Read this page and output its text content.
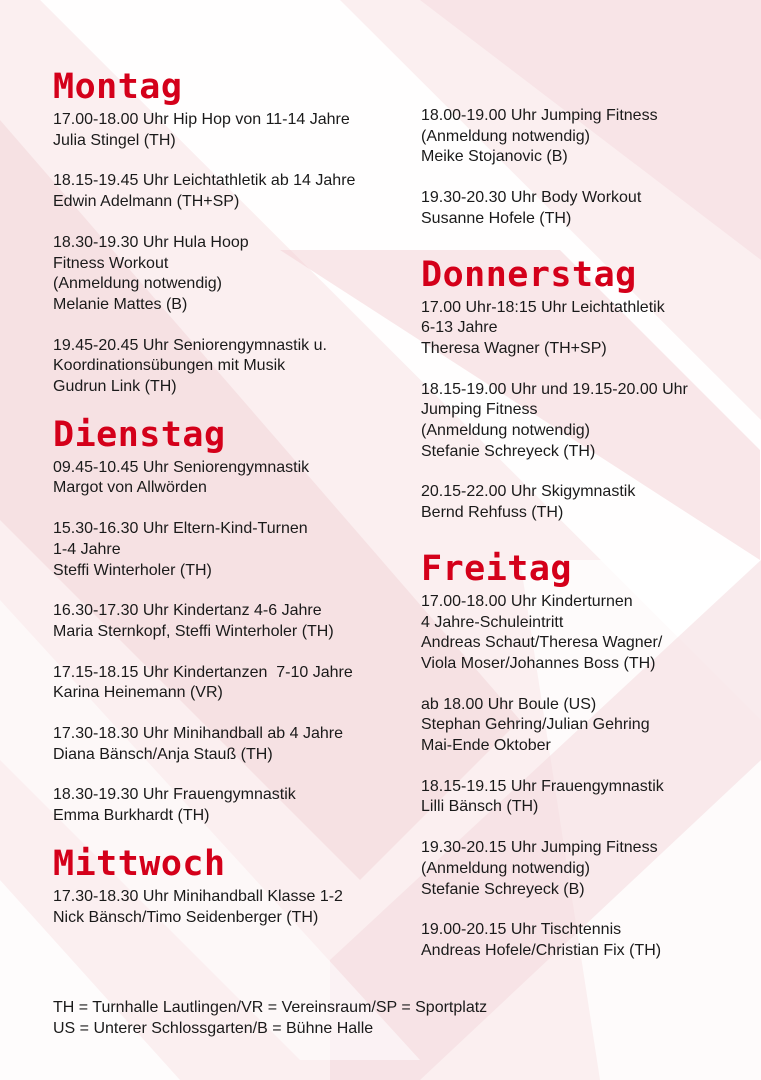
Montag
17.00-18.00 Uhr Hip Hop von 11-14 Jahre
Julia Stingel (TH)
18.15-19.45 Uhr Leichtathletik ab 14 Jahre
Edwin Adelmann (TH+SP)
18.30-19.30 Uhr Hula Hoop
Fitness Workout
(Anmeldung notwendig)
Melanie Mattes (B)
19.45-20.45 Uhr Seniorengymnastik u.
Koordinationsübungen mit Musik
Gudrun Link (TH)
Dienstag
09.45-10.45 Uhr Seniorengymnastik
Margot von Allwörden
15.30-16.30 Uhr Eltern-Kind-Turnen
1-4 Jahre
Steffi Winterholer (TH)
16.30-17.30 Uhr Kindertanz 4-6 Jahre
Maria Sternkopf, Steffi Winterholer (TH)
17.15-18.15 Uhr Kindertanzen  7-10 Jahre
Karina Heinemann (VR)
17.30-18.30 Uhr Minihandball ab 4 Jahre
Diana Bänsch/Anja Stauß (TH)
18.30-19.30 Uhr Frauengymnastik
Emma Burkhardt (TH)
Mittwoch
17.30-18.30 Uhr Minihandball Klasse 1-2
Nick Bänsch/Timo Seidenberger (TH)
18.00-19.00 Uhr Jumping Fitness
(Anmeldung notwendig)
Meike Stojanovic (B)
19.30-20.30 Uhr Body Workout
Susanne Hofele (TH)
Donnerstag
17.00 Uhr-18:15 Uhr Leichtathletik
6-13 Jahre
Theresa Wagner (TH+SP)
18.15-19.00 Uhr und 19.15-20.00 Uhr
Jumping Fitness
(Anmeldung notwendig)
Stefanie Schreyeck (TH)
20.15-22.00 Uhr Skigymnastik
Bernd Rehfuss (TH)
Freitag
17.00-18.00 Uhr Kinderturnen
4 Jahre-Schuleintritt
Andreas Schaut/Theresa Wagner/
Viola Moser/Johannes Boss (TH)
ab 18.00 Uhr Boule (US)
Stephan Gehring/Julian Gehring
Mai-Ende Oktober
18.15-19.15 Uhr Frauengymnastik
Lilli Bänsch (TH)
19.30-20.15 Uhr Jumping Fitness
(Anmeldung notwendig)
Stefanie Schreyeck (B)
19.00-20.15 Uhr Tischtennis
Andreas Hofele/Christian Fix (TH)
TH = Turnhalle Lautlingen/VR = Vereinsraum/SP = Sportplatz
US = Unterer Schlossgarten/B = Bühne Halle
